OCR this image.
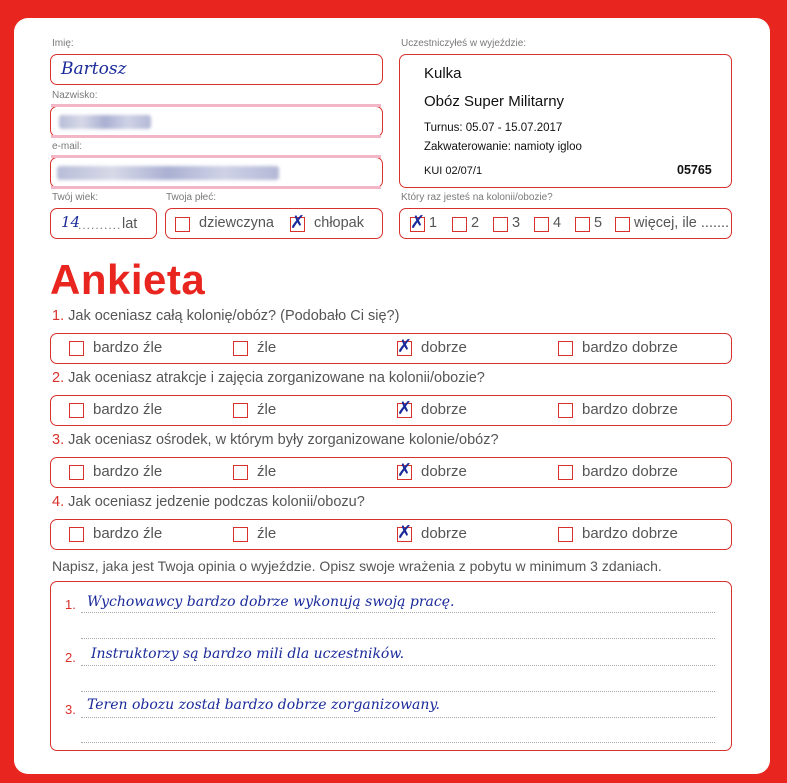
Imię:
Bartosz
Nazwisko:
e-mail:
Twój wiek:
14
.......... lat
Twoja płeć:
dziewczyna ✗ chłopak
Uczestniczyłeś w wyjeździe:
Kulka
Obóz Super Militarny
Turnus: 05.07 - 15.07.2017
Zakwaterowanie: namioty igloo
KUI 02/07/1	05765
Który raz jesteś na kolonii/obozie?
✗ 1 2 3 4 5 więcej, ile .......
Ankieta
1. Jak oceniasz całą kolonię/obóz? (Podobało Ci się?)
bardzo źle	źle	✗ dobrze	bardzo dobrze
2. Jak oceniasz atrakcje i zajęcia zorganizowane na kolonii/obozie?
bardzo źle	źle	✗ dobrze	bardzo dobrze
3. Jak oceniasz ośrodek, w którym były zorganizowane kolonie/obóz?
bardzo źle	źle	✗ dobrze	bardzo dobrze
4. Jak oceniasz jedzenie podczas kolonii/obozu?
bardzo źle	źle	✗ dobrze	bardzo dobrze
Napisz, jaka jest Twoja opinia o wyjeździe. Opisz swoje wrażenia z pobytu w minimum 3 zdaniach.
1. Wychowawcy bardzo dobrze wykonują swoją pracę.
2. Instruktorzy są bardzo mili dla uczestników.
3. Teren obozu został bardzo dobrze zorganizowany.
